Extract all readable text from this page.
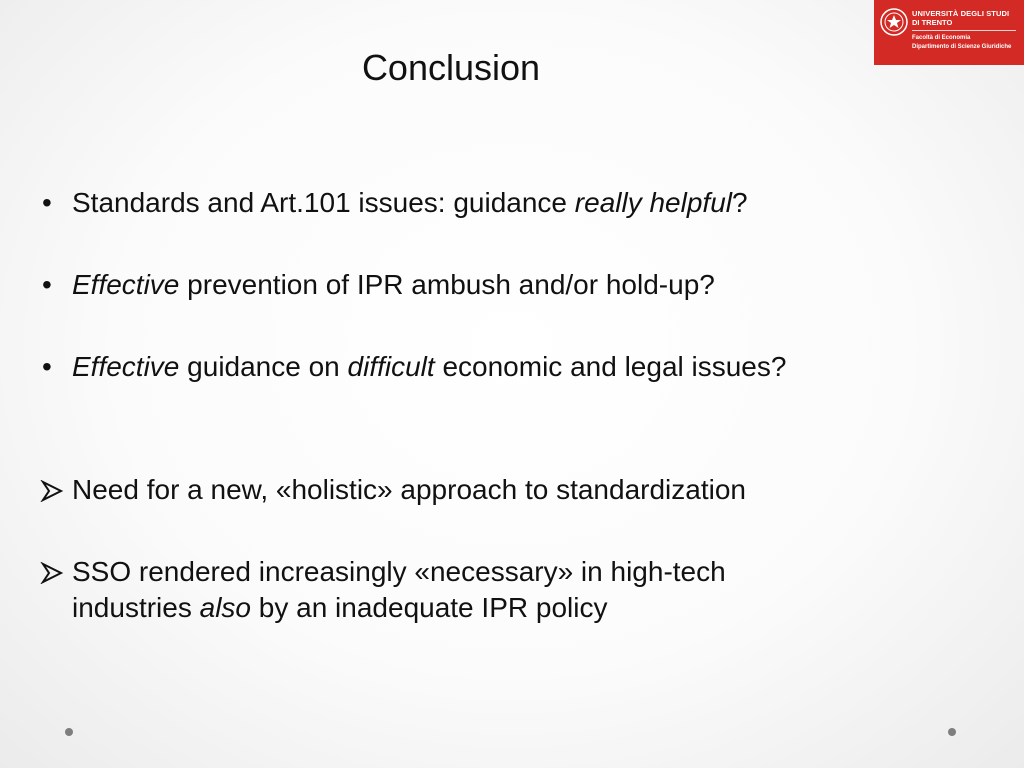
UNIVERSITÀ DEGLI STUDI
DI TRENTO
Facoltà di Economia
Dipartimento di Scienze Giuridiche
Conclusion
• Standards and Art.101 issues: guidance really helpful?
• Effective prevention of IPR ambush and/or hold-up?
• Effective guidance on difficult economic and legal issues?
Need for a new, «holistic» approach to standardization
SSO rendered increasingly «necessary» in high-tech
industries also by an inadequate IPR policy
